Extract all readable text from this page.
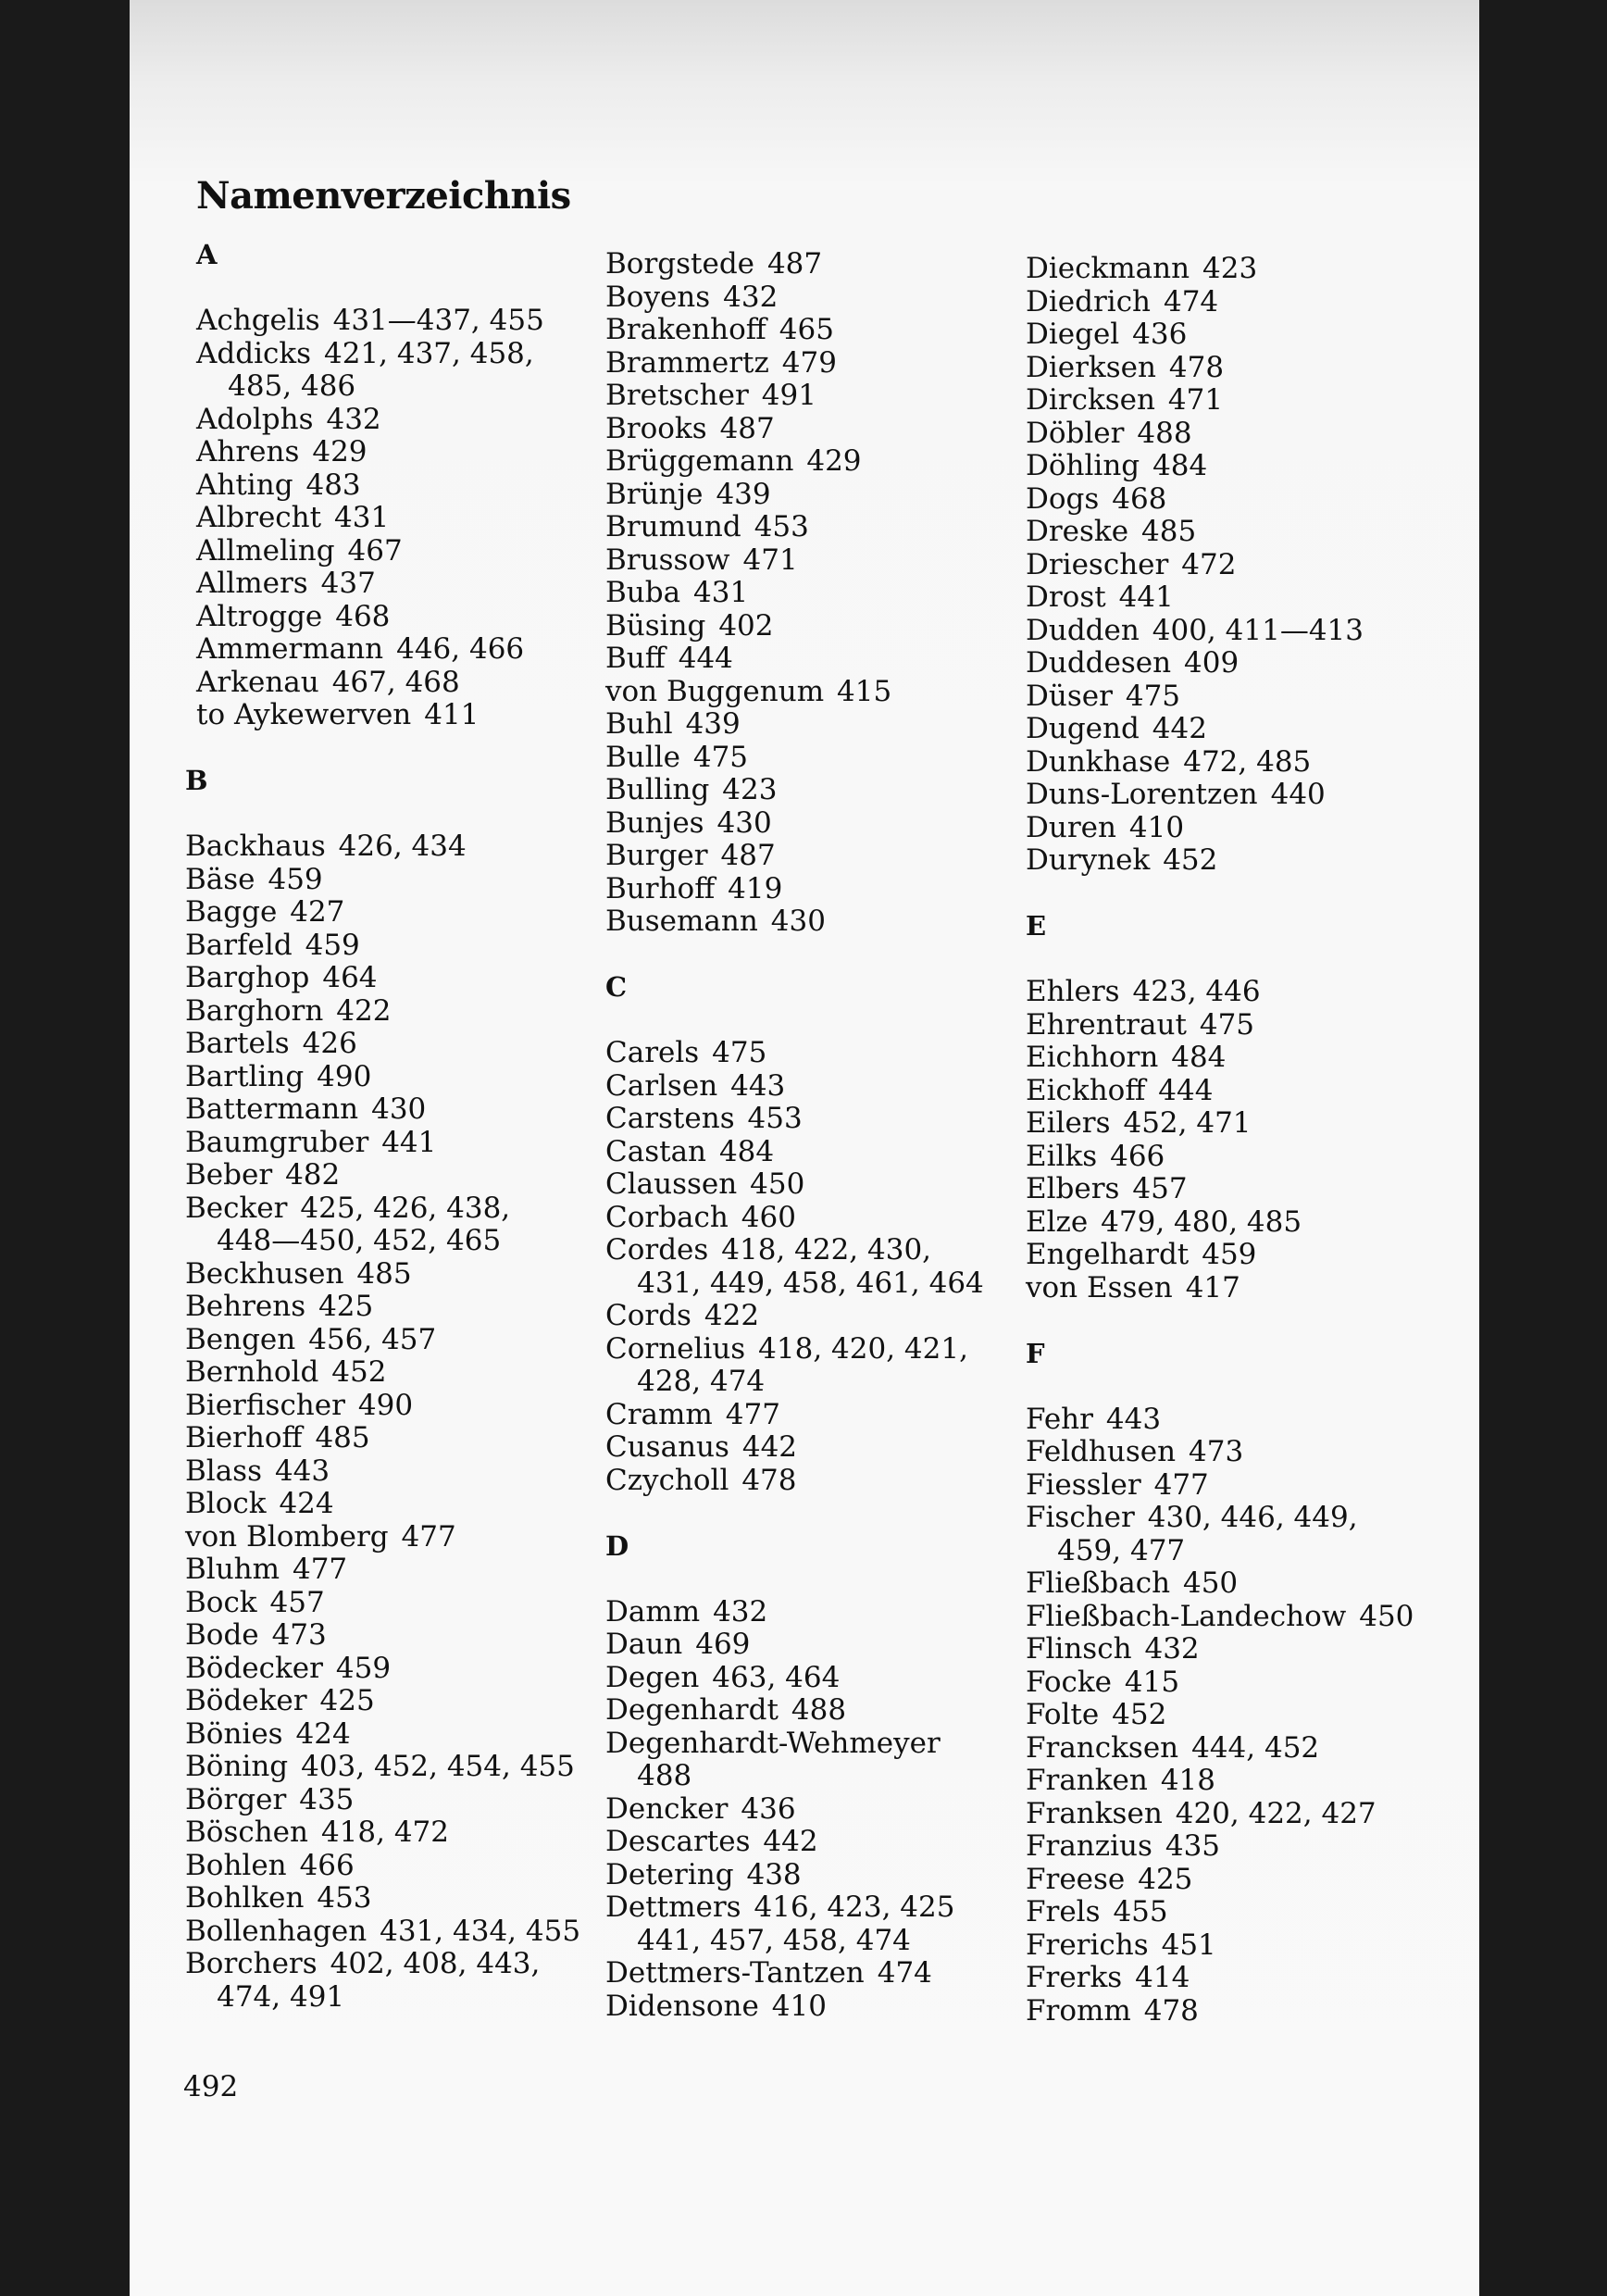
Namenverzeichnis
A
Achgelis 431—437, 455
Addicks 421, 437, 458,
485, 486
Adolphs 432
Ahrens 429
Ahting 483
Albrecht 431
Allmeling 467
Allmers 437
Altrogge 468
Ammermann 446, 466
Arkenau 467, 468
to Aykewerven 411
B
Backhaus 426, 434
Bäse 459
Bagge 427
Barfeld 459
Barghop 464
Barghorn 422
Bartels 426
Bartling 490
Battermann 430
Baumgruber 441
Beber 482
Becker 425, 426, 438,
448—450, 452, 465
Beckhusen 485
Behrens 425
Bengen 456, 457
Bernhold 452
Bierfischer 490
Bierhoff 485
Blass 443
Block 424
von Blomberg 477
Bluhm 477
Bock 457
Bode 473
Bödecker 459
Bödeker 425
Bönies 424
Böning 403, 452, 454, 455
Börger 435
Böschen 418, 472
Bohlen 466
Bohlken 453
Bollenhagen 431, 434, 455
Borchers 402, 408, 443,
474, 491
Borgstede 487
Boyens 432
Brakenhoff 465
Brammertz 479
Bretscher 491
Brooks 487
Brüggemann 429
Brünje 439
Brumund 453
Brussow 471
Buba 431
Büsing 402
Buff 444
von Buggenum 415
Buhl 439
Bulle 475
Bulling 423
Bunjes 430
Burger 487
Burhoff 419
Busemann 430
C
Carels 475
Carlsen 443
Carstens 453
Castan 484
Claussen 450
Corbach 460
Cordes 418, 422, 430,
431, 449, 458, 461, 464
Cords 422
Cornelius 418, 420, 421,
428, 474
Cramm 477
Cusanus 442
Czycholl 478
D
Damm 432
Daun 469
Degen 463, 464
Degenhardt 488
Degenhardt-Wehmeyer
488
Dencker 436
Descartes 442
Detering 438
Dettmers 416, 423, 425
441, 457, 458, 474
Dettmers-Tantzen 474
Didensone 410
Dieckmann 423
Diedrich 474
Diegel 436
Dierksen 478
Dircksen 471
Döbler 488
Döhling 484
Dogs 468
Dreske 485
Driescher 472
Drost 441
Dudden 400, 411—413
Duddesen 409
Düser 475
Dugend 442
Dunkhase 472, 485
Duns-Lorentzen 440
Duren 410
Durynek 452
E
Ehlers 423, 446
Ehrentraut 475
Eichhorn 484
Eickhoff 444
Eilers 452, 471
Eilks 466
Elbers 457
Elze 479, 480, 485
Engelhardt 459
von Essen 417
F
Fehr 443
Feldhusen 473
Fiessler 477
Fischer 430, 446, 449,
459, 477
Fließbach 450
Fließbach-Landechow 450
Flinsch 432
Focke 415
Folte 452
Francksen 444, 452
Franken 418
Franksen 420, 422, 427
Franzius 435
Freese 425
Frels 455
Frerichs 451
Frerks 414
Fromm 478
492
